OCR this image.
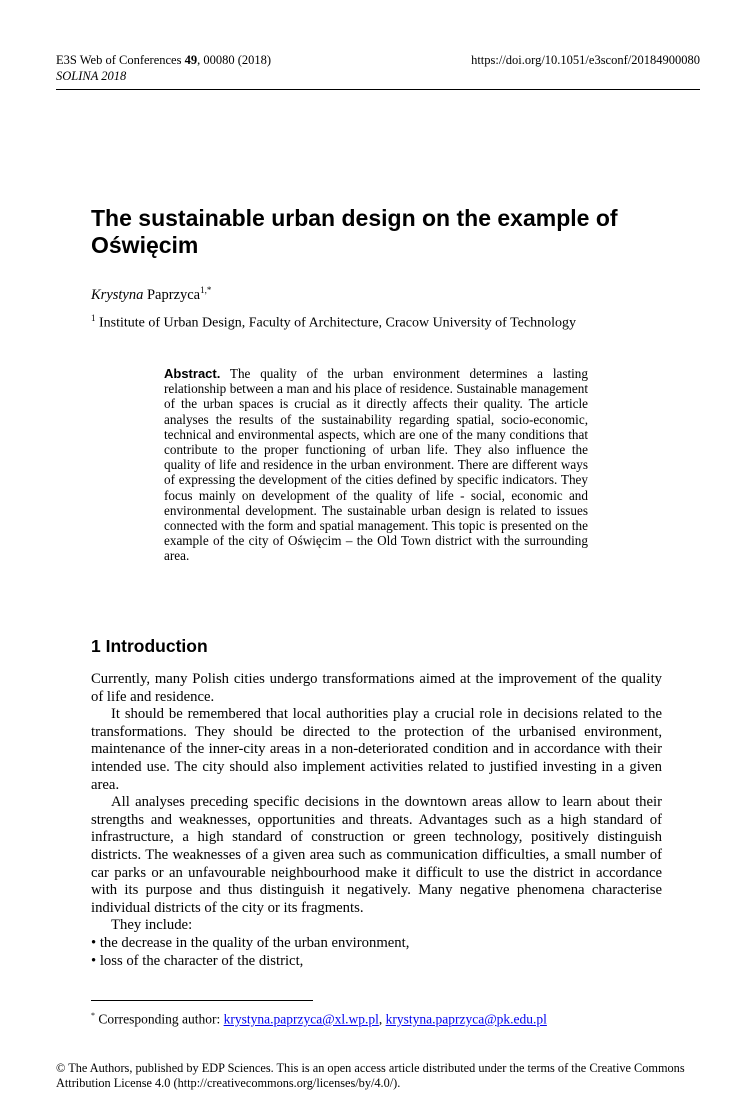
E3S Web of Conferences 49, 00080 (2018)
SOLINA 2018
https://doi.org/10.1051/e3sconf/20184900080
The sustainable urban design on the example of Oświęcim
Krystyna Paprzyca$^{1,*}$
$^1$ Institute of Urban Design, Faculty of Architecture, Cracow University of Technology
Abstract. The quality of the urban environment determines a lasting relationship between a man and his place of residence. Sustainable management of the urban spaces is crucial as it directly affects their quality. The article analyses the results of the sustainability regarding spatial, socio-economic, technical and environmental aspects, which are one of the many conditions that contribute to the proper functioning of urban life. They also influence the quality of life and residence in the urban environment. There are different ways of expressing the development of the cities defined by specific indicators. They focus mainly on development of the quality of life - social, economic and environmental development. The sustainable urban design is related to issues connected with the form and spatial management. This topic is presented on the example of the city of Oświęcim – the Old Town district with the surrounding area.
1 Introduction

Currently, many Polish cities undergo transformations aimed at the improvement of the quality of life and residence.

It should be remembered that local authorities play a crucial role in decisions related to the transformations. They should be directed to the protection of the urbanised environment, maintenance of the inner-city areas in a non-deteriorated condition and in accordance with their intended use. The city should also implement activities related to justified investing in a given area.

All analyses preceding specific decisions in the downtown areas allow to learn about their strengths and weaknesses, opportunities and threats. Advantages such as a high standard of infrastructure, a high standard of construction or green technology, positively distinguish districts. The weaknesses of a given area such as communication difficulties, a small number of car parks or an unfavourable neighbourhood make it difficult to use the district in accordance with its purpose and thus distinguish it negatively. Many negative phenomena characterise individual districts of the city or its fragments.

They include:

• the decrease in the quality of the urban environment,

• loss of the character of the district,

* Corresponding author: krystyna.paprzyca@xl.wp.pl, krystyna.paprzyca@pk.edu.pl
© The Authors, published by EDP Sciences. This is an open access article distributed under the terms of the Creative Commons Attribution License 4.0 (http://creativecommons.org/licenses/by/4.0/).
